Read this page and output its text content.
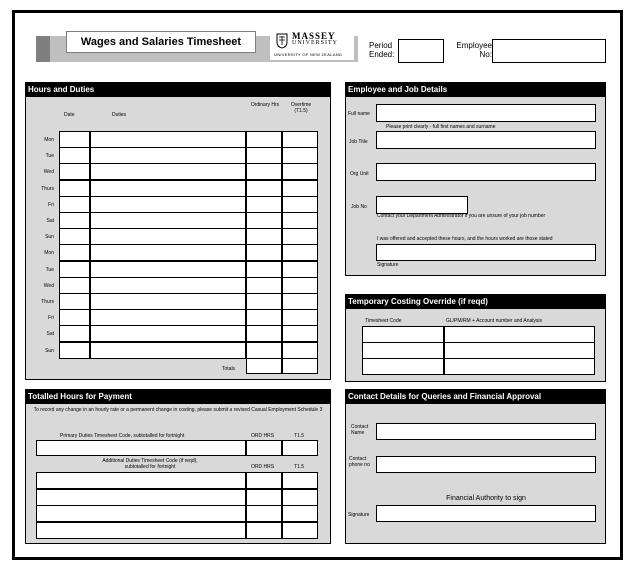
Wages and Salaries Timesheet	MASSEY
UNIVERSITY
UNIVERSITY OF NEW ZEALAND
Period Ended:
Employee No:
Hours and Duties
Date	Duties
Ordinary Hrs	Overtime (T1.5)
Mon
Tue
Wed
Thurs
Fri
Sat
Sun
Mon
Tue
Wed
Thurs
Fri
Sat
Sun
Totals
Employee and Job Details
Full name
Please print clearly - full first names and surname
Job Title
Org Unit
Job No
Contact your Department Administrator if you are unsure of your job number
I was offered and accepted these hours, and the hours worked are those stated
Signature
Temporary Costing Override (if reqd)
Timesheet Code	GL/PM/RM + Account number and Analysis
Totalled Hours for Payment
To record any change in an hourly rate or a permanent change in costing, please submit a revised Casual Employment Schedule 3
Primary Duties Timesheet Code, subtotalled for fortnight	ORD HRS	T1.5
Additional Duties Timesheet Code (if reqd), subtotalled for fortnight	ORD HRS	T1.5
Contact Details for Queries and Financial Approval
Contact Name
Contact phone no
Financial Authority to sign
Signature
